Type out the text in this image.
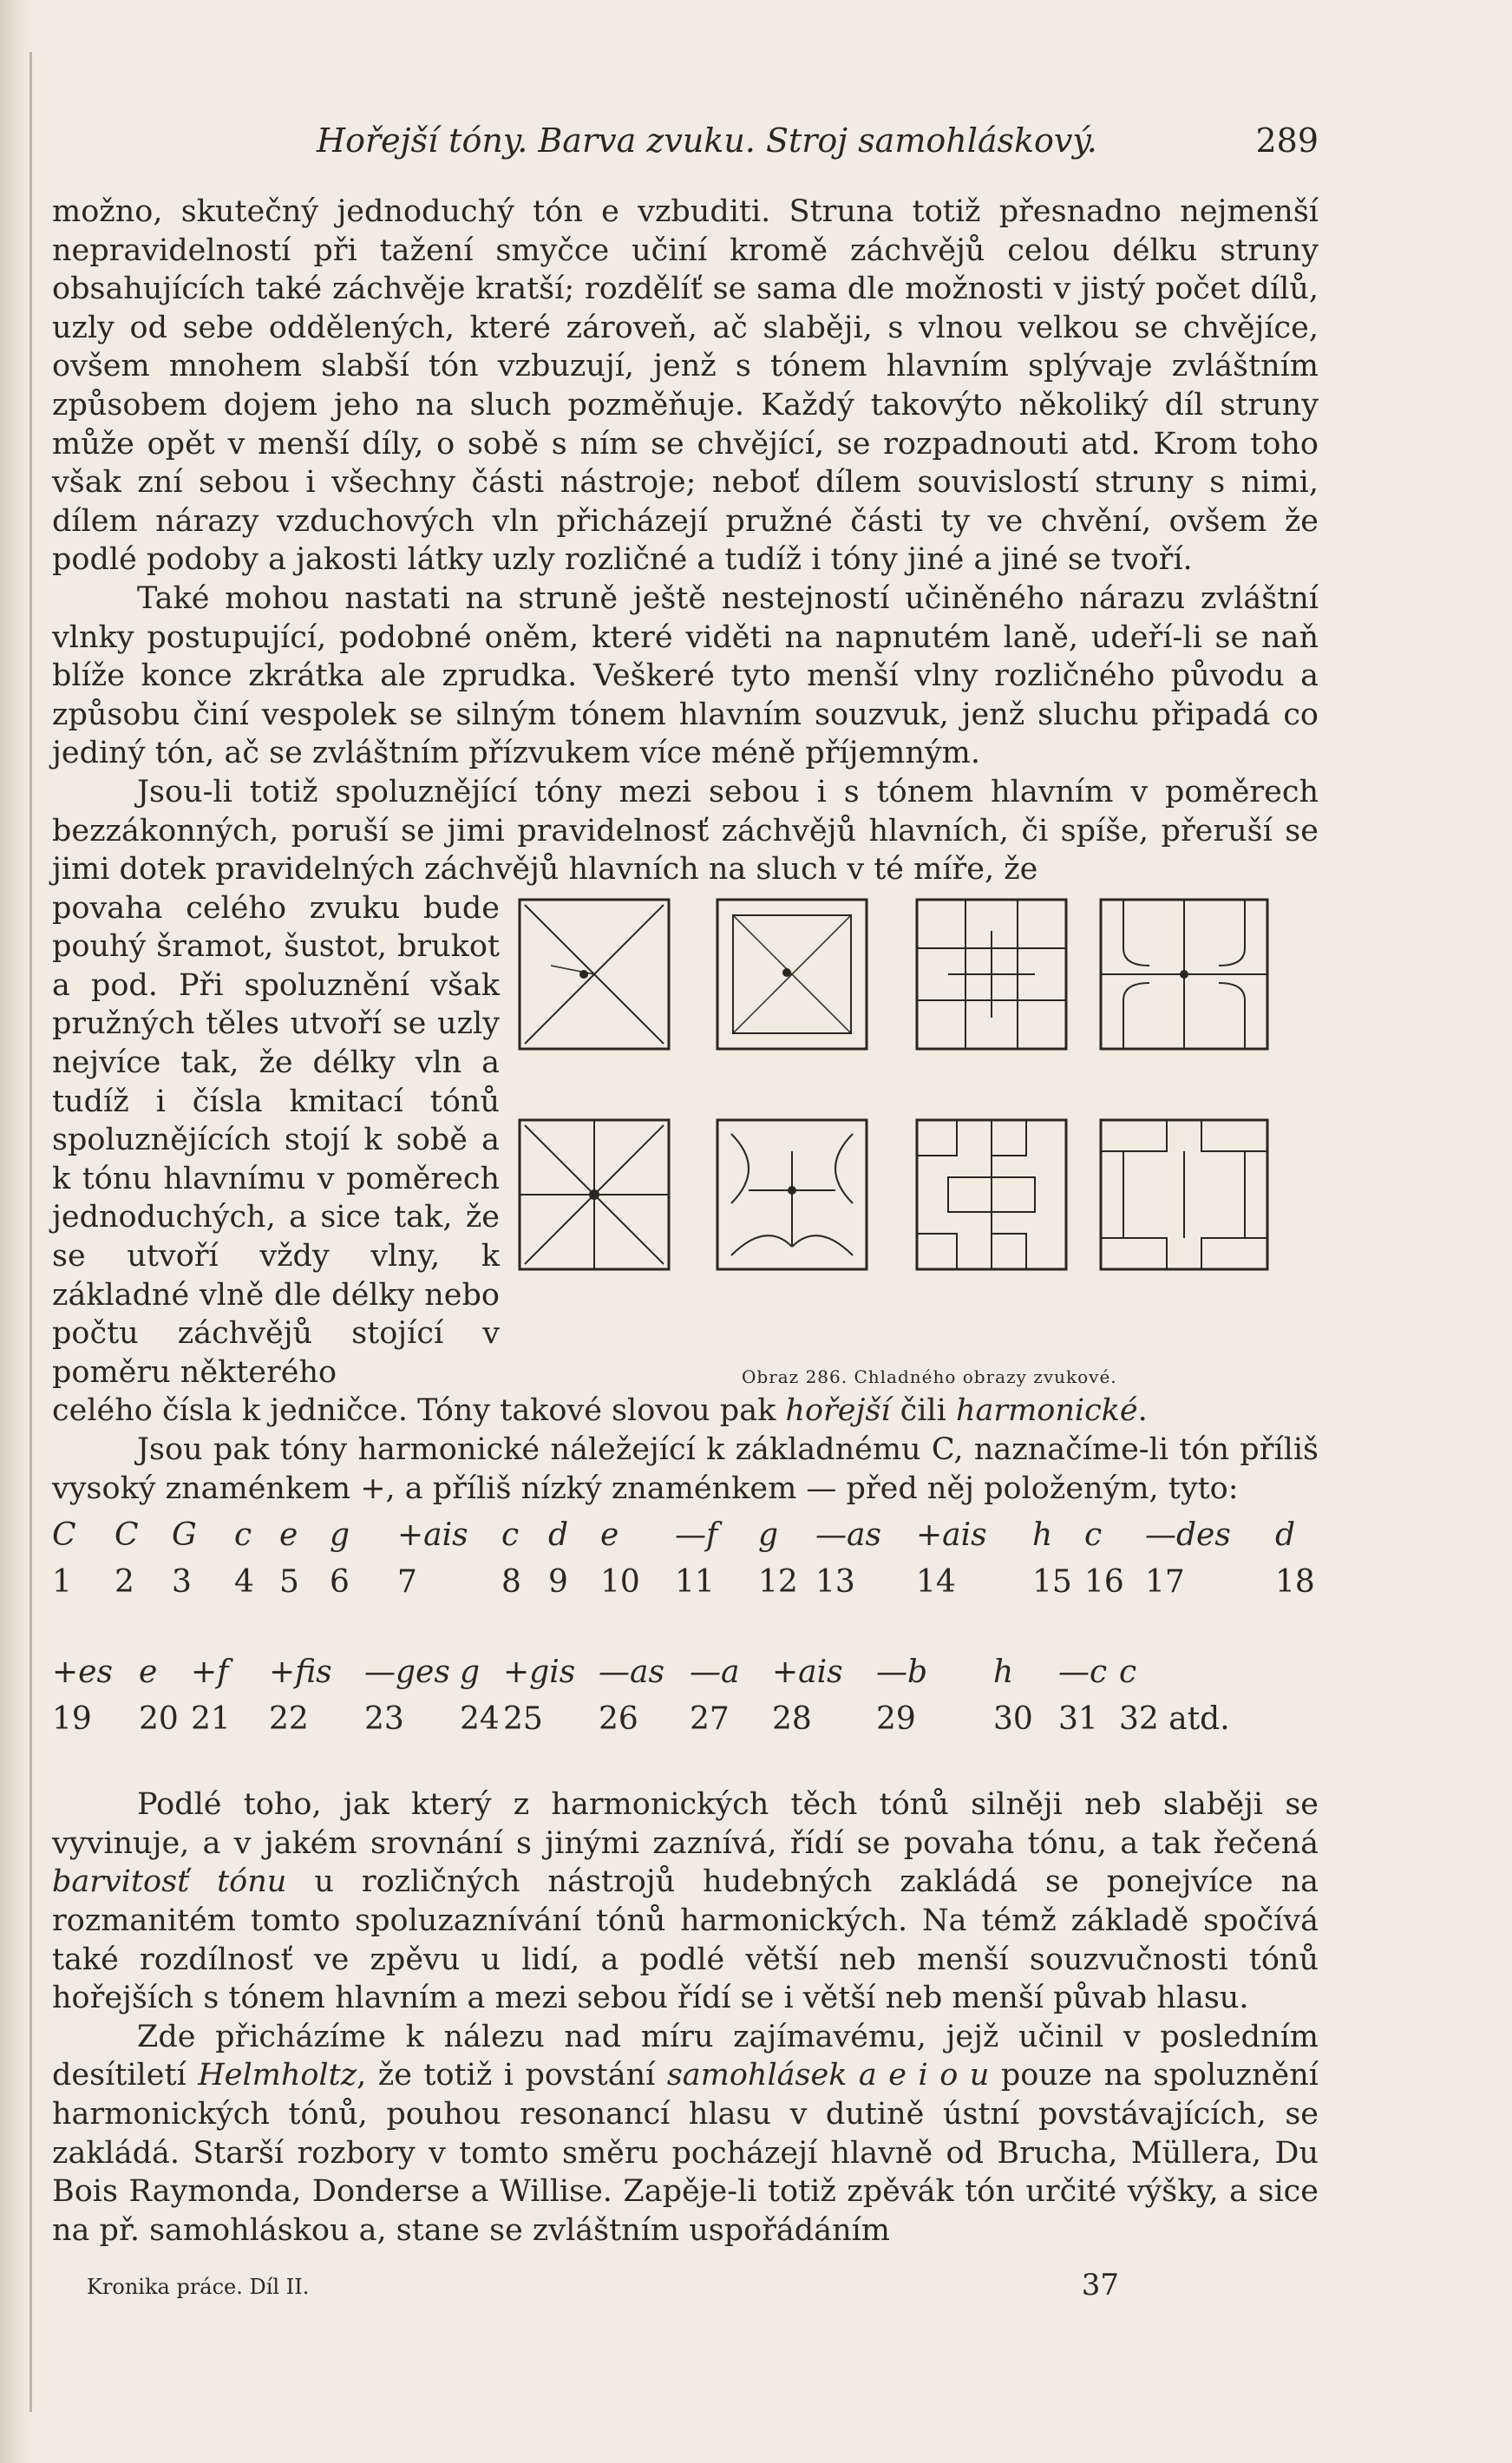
Hořejší tóny. Barva zvuku. Stroj samohláskový.	289

možno, skutečný jednoduchý tón e vzbuditi. Struna totiž přesnadno nejmenší nepravidelností při tažení smyčce učiní kromě záchvějů celou délku struny obsahujících také záchvěje kratší; rozdělíť se sama dle možnosti v jistý počet dílů, uzly od sebe oddělených, které zároveň, ač slaběji, s vlnou velkou se chvějíce, ovšem mnohem slabší tón vzbuzují, jenž s tónem hlavním splývaje zvláštním způsobem dojem jeho na sluch pozměňuje. Každý takovýto několiký díl struny může opět v menší díly, o sobě s ním se chvějící, se rozpadnouti atd. Krom toho však zní sebou i všechny části nástroje; neboť dílem souvislostí struny s nimi, dílem nárazy vzduchových vln přicházejí pružné části ty ve chvění, ovšem že podlé podoby a jakosti látky uzly rozličné a tudíž i tóny jiné a jiné se tvoří.

Také mohou nastati na struně ještě nestejností učiněného nárazu zvláštní vlnky postupující, podobné oněm, které viděti na napnutém laně, udeří-li se naň blíže konce zkrátka ale zprudka. Veškeré tyto menší vlny rozličného původu a způsobu činí vespolek se silným tónem hlavním souzvuk, jenž sluchu připadá co jediný tón, ač se zvláštním přízvukem více méně příjemným.

Jsou-li totiž spoluznějící tóny mezi sebou i s tónem hlavním v poměrech bezzákonných, poruší se jimi pravidelnosť záchvějů hlavních, či spíše, přeruší se jimi dotek pravidelných záchvějů hlavních na sluch v té míře, že

povaha celého zvuku bude pouhý šramot, šustot, brukot a pod. Při spoluznění však pružných těles utvoří se uzly nejvíce tak, že délky vln a tudíž i čísla kmitací tónů spoluznějících stojí k sobě a k tónu hlavnímu v poměrech jednoduchých, a sice tak, že se utvoří vždy vlny, k základné vlně dle délky nebo počtu záchvějů stojící v poměru některého	Obraz 286. Chladného obrazy zvukové.

celého čísla k jedničce. Tóny takové slovou pak hořejší čili harmonické.

Jsou pak tóny harmonické náležející k základnému C, naznačíme-li tón příliš vysoký znaménkem +, a příliš nízký znaménkem — před něj položeným, tyto:

C C G c e g +ais c d e —f g —as +ais h c —des d
1 2 3 4 5 6 7	8 9 10 11 12 13 14 15 16 17	18
+es e +f +fis —ges g +gis —as —a +ais —b h —c c
19 20 21 22 23 24 25 26 27 28 29 30 31 32 atd.

Podlé toho, jak který z harmonických těch tónů silněji neb slaběji se vyvinuje, a v jakém srovnání s jinými zaznívá, řídí se povaha tónu, a tak řečená barvitosť tónu u rozličných nástrojů hudebných zakládá se ponejvíce na rozmanitém tomto spoluzaznívání tónů harmonických. Na témž základě spočívá také rozdílnosť ve zpěvu u lidí, a podlé větší neb menší souzvučnosti tónů hořejších s tónem hlavním a mezi sebou řídí se i větší neb menší půvab hlasu.

Zde přicházíme k nálezu nad míru zajímavému, jejž učinil v posledním desítiletí Helmholtz, že totiž i povstání samohlásek a e i o u pouze na spoluznění harmonických tónů, pouhou resonancí hlasu v dutině ústní povstávajících, se zakládá. Starší rozbory v tomto směru pocházejí hlavně od Brucha, Müllera, Du Bois Raymonda, Donderse a Willise. Zapěje-li totiž zpěvák tón určité výšky, a sice na př. samohláskou a, stane se zvláštním uspořádáním

Kronika práce. Díl II.	37
